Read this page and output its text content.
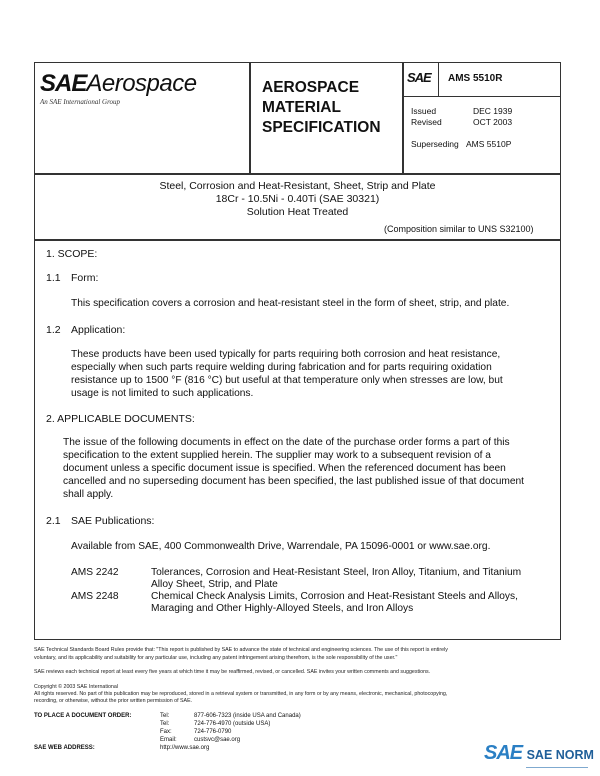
SAEAerospace
An SAE International Group
AEROSPACE
MATERIAL
SPECIFICATION
SAE AMS 5510R
Issued	DEC 1939
Revised	OCT 2003
Superseding AMS 5510P
Steel, Corrosion and Heat-Resistant, Sheet, Strip and Plate
18Cr - 10.5Ni - 0.40Ti (SAE 30321)
Solution Heat Treated
(Composition similar to UNS S32100)
1. SCOPE:
1.1 Form:
This specification covers a corrosion and heat-resistant steel in the form of sheet, strip, and plate.
1.2 Application:
These products have been used typically for parts requiring both corrosion and heat resistance,
especially when such parts require welding during fabrication and for parts requiring oxidation
resistance up to 1500 °F (816 °C) but useful at that temperature only when stresses are low, but
usage is not limited to such applications.
2. APPLICABLE DOCUMENTS:
The issue of the following documents in effect on the date of the purchase order forms a part of this
specification to the extent supplied herein. The supplier may work to a subsequent revision of a
document unless a specific document issue is specified. When the referenced document has been
cancelled and no superseding document has been specified, the last published issue of that document
shall apply.
2.1 SAE Publications:
Available from SAE, 400 Commonwealth Drive, Warrendale, PA 15096-0001 or www.sae.org.
AMS 2242	Tolerances, Corrosion and Heat-Resistant Steel, Iron Alloy, Titanium, and Titanium
Alloy Sheet, Strip, and Plate
AMS 2248	Chemical Check Analysis Limits, Corrosion and Heat-Resistant Steels and Alloys,
Maraging and Other Highly-Alloyed Steels, and Iron Alloys
SAE Technical Standards Board Rules provide that: "This report is published by SAE to advance the state of technical and engineering sciences. The use of this report is entirely
voluntary, and its applicability and suitability for any particular use, including any patent infringement arising therefrom, is the sole responsibility of the user."
SAE reviews each technical report at least every five years at which time it may be reaffirmed, revised, or cancelled. SAE invites your written comments and suggestions.
Copyright © 2003 SAE International
All rights reserved. No part of this publication may be reproduced, stored in a retrieval system or transmitted, in any form or by any means, electronic, mechanical, photocopying,
recording, or otherwise, without the prior written permission of SAE.
TO PLACE A DOCUMENT ORDER:	Tel:	877-606-7323 (inside USA and Canada)
Tel:	724-776-4970 (outside USA)
Fax:	724-776-0790
Email:	custsvc@sae.org
SAE WEB ADDRESS:	http://www.sae.org	SAE SAE NORM
